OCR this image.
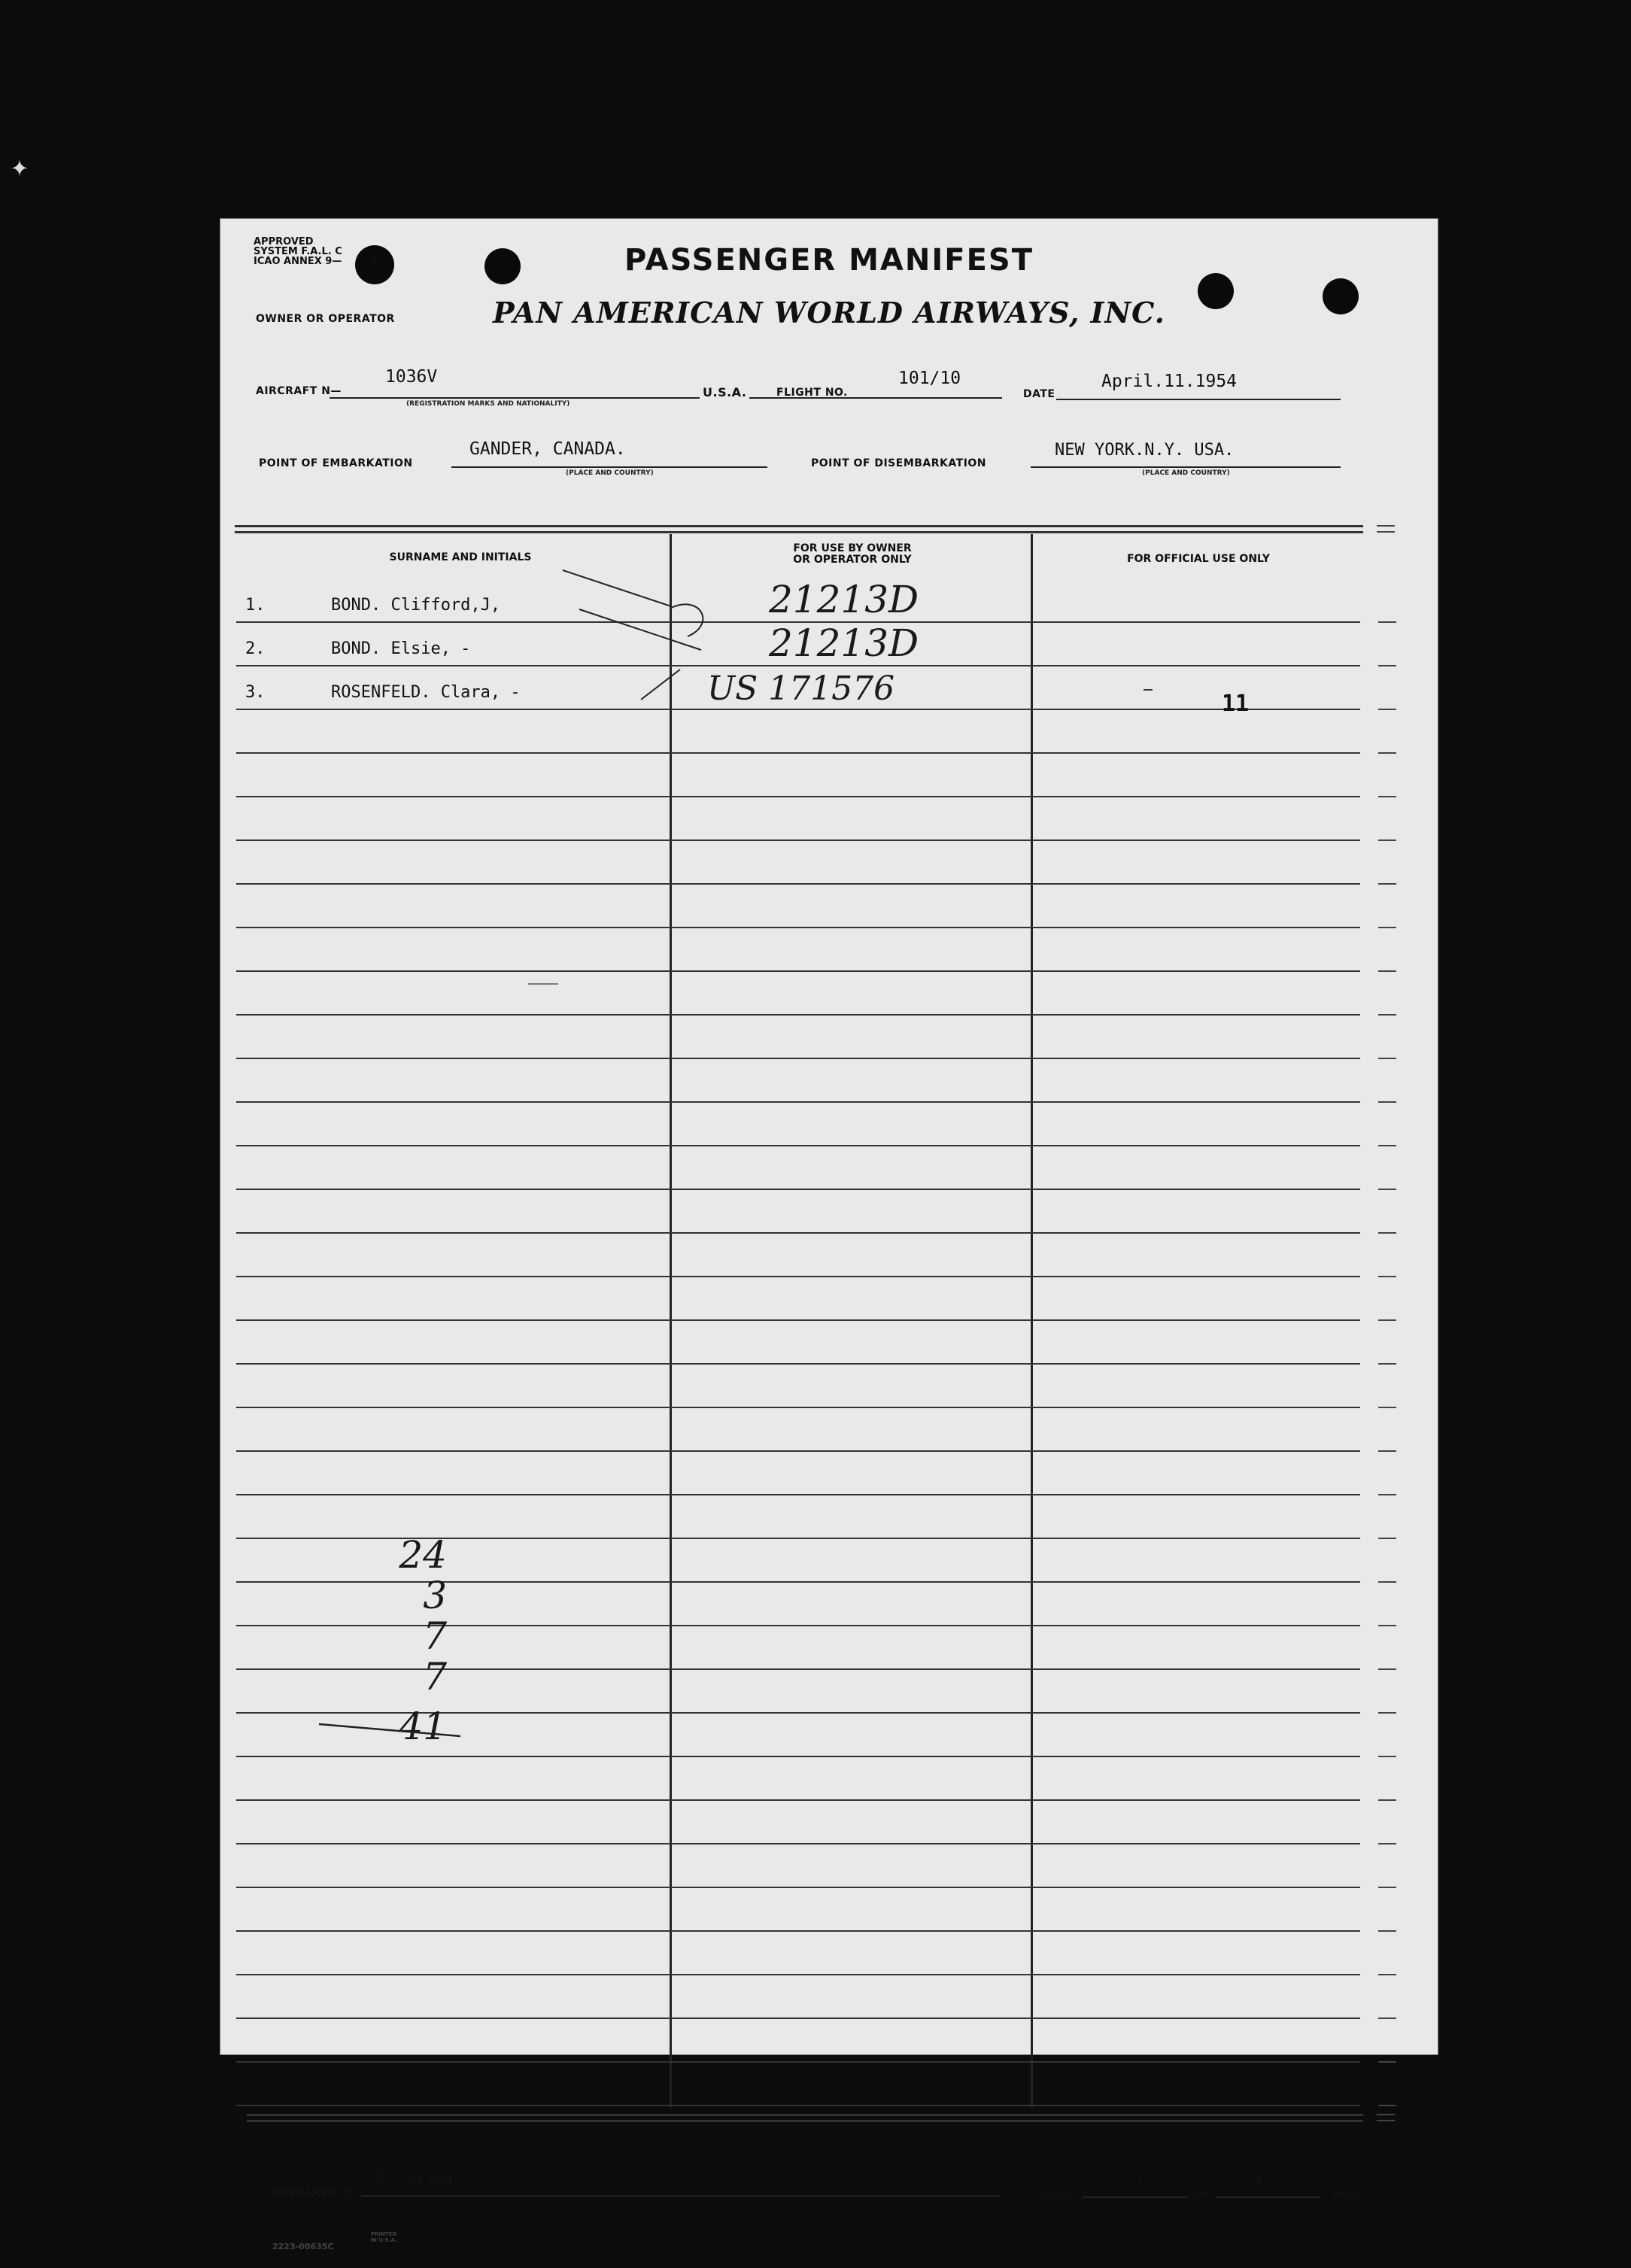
✦
APPROVED
SYSTEM F.A.L. C
ICAO ANNEX 9—	2	PASSENGER MANIFEST
OWNER OR OPERATOR	PAN AMERICAN WORLD AIRWAYS, INC.
AIRCRAFT N—
1036V
(REGISTRATION MARKS AND NATIONALITY)
U.S.A.	FLIGHT NO.
101/10
DATE
April.11.1954
POINT OF EMBARKATION
GANDER, CANADA.
(PLACE AND COUNTRY)
POINT OF DISEMBARKATION
NEW YORK.N.Y. USA.
(PLACE AND COUNTRY)
SURNAME AND INITIALS
FOR USE BY OWNER
OR OPERATOR ONLY	FOR OFFICIAL USE ONLY
1.	BOND. Clifford,J,	21213D
2.	BOND. Elsie, -	21213D
3.	ROSENFELD. Clara, -	US 171576	11
24
3
7
7
41
PREPARED BY
R Carter.
PAGE
1
OF
1
PAG
2223-00635C
PRINTED IN U.S.A.
